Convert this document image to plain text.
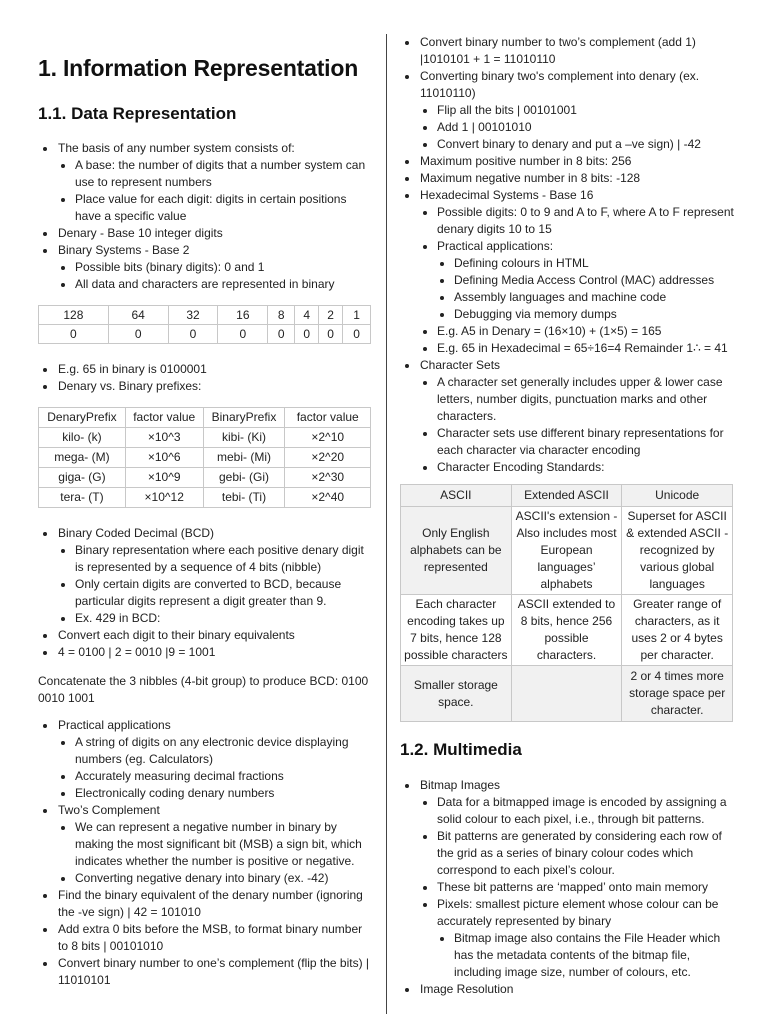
1. Information Representation
1.1. Data Representation
The basis of any number system consists of:
A base: the number of digits that a number system can use to represent numbers
Place value for each digit: digits in certain positions have a specific value
Denary - Base 10 integer digits
Binary Systems - Base 2
Possible bits (binary digits): 0 and 1
All data and characters are represented in binary
128	64	32	16	8	4	2	1
0	0	0	0	0	0	0	0
E.g. 65 in binary is 0100001
Denary vs. Binary prefixes:
DenaryPrefix	factor value	BinaryPrefix	factor value
kilo- (k)	×10^3	kibi- (Ki)	×2^10
mega- (M)	×10^6	mebi- (Mi)	×2^20
giga- (G)	×10^9	gebi- (Gi)	×2^30
tera- (T)	×10^12	tebi- (Ti)	×2^40
Binary Coded Decimal (BCD)
Binary representation where each positive denary digit is represented by a sequence of 4 bits (nibble)
Only certain digits are converted to BCD, because particular digits represent a digit greater than 9.
Ex. 429 in BCD:
Convert each digit to their binary equivalents
4 = 0100 | 2 = 0010 |9 = 1001

Concatenate the 3 nibbles (4-bit group) to produce BCD: 0100 0010 1001

Practical applications
A string of digits on any electronic device displaying numbers (eg. Calculators)
Accurately measuring decimal fractions
Electronically coding denary numbers
Two’s Complement
We can represent a negative number in binary by making the most significant bit (MSB) a sign bit, which indicates whether the number is positive or negative.
Converting negative denary into binary (ex. -42)
Find the binary equivalent of the denary number (ignoring the -ve sign) | 42 = 101010
Add extra 0 bits before the MSB, to format binary number to 8 bits | 00101010
Convert binary number to one’s complement (flip the bits) | 11010101
Convert binary number to two’s complement (add 1) |1010101 + 1 = 11010110
Converting binary two's complement into denary (ex. 11010110)
Flip all the bits | 00101001
Add 1 | 00101010
Convert binary to denary and put a –ve sign) | -42
Maximum positive number in 8 bits: 256
Maximum negative number in 8 bits: -128
Hexadecimal Systems - Base 16
Possible digits: 0 to 9 and A to F, where A to F represent denary digits 10 to 15
Practical applications:
Defining colours in HTML
Defining Media Access Control (MAC) addresses
Assembly languages and machine code
Debugging via memory dumps
E.g. A5 in Denary = (16×10) + (1×5) = 165
E.g. 65 in Hexadecimal = 65÷16=4 Remainder 1∴ = 41
Character Sets
A character set generally includes upper & lower case letters, number digits, punctuation marks and other characters.
Character sets use different binary representations for each character via character encoding
Character Encoding Standards:
ASCII	Extended ASCII	Unicode
Only English alphabets can be represented	ASCII's extension - Also includes most European languages’ alphabets	Superset for ASCII & extended ASCII - recognized by various global languages
Each character encoding takes up 7 bits, hence 128 possible characters	ASCII extended to 8 bits, hence 256 possible characters.	Greater range of characters, as it uses 2 or 4 bytes per character.
Smaller storage space.		2 or 4 times more storage space per character.
1.2. Multimedia
Bitmap Images
Data for a bitmapped image is encoded by assigning a solid colour to each pixel, i.e., through bit patterns.
Bit patterns are generated by considering each row of the grid as a series of binary colour codes which correspond to each pixel’s colour.
These bit patterns are ‘mapped’ onto main memory
Pixels: smallest picture element whose colour can be accurately represented by binary
Bitmap image also contains the File Header which has the metadata contents of the bitmap file, including image size, number of colours, etc.
Image Resolution
